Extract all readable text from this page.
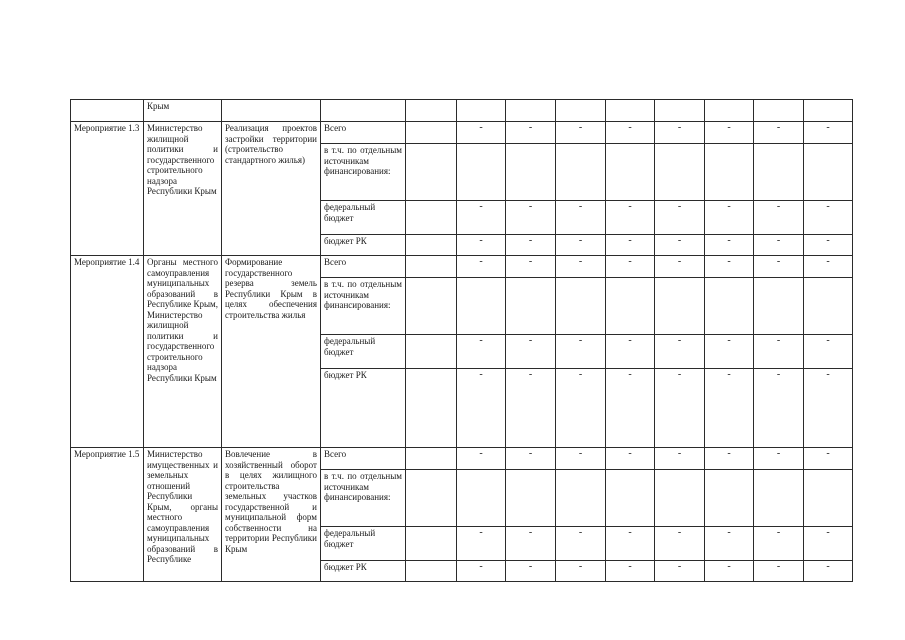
	Крым											
Мероприятие 1.3	Министерство жилищной политики и государственного строительного надзора Республики Крым	Реализация проектов застройки территории (строительство стандартного жилья)	Всего		-	-	-	-	-	-	-	-
			в т.ч. по отдельным источникам финансирования:									
			федеральный бюджет		-	-	-	-	-	-	-	-
			бюджет РК		-	-	-	-	-	-	-	-
Мероприятие 1.4	Органы местного самоуправления муниципальных образований в Республике Крым, Министерство жилищной политики и государственного строительного надзора Республики Крым	Формирование государственного резерва земель Республики Крым в целях обеспечения строительства жилья	Всего		-	-	-	-	-	-	-	-
			в т.ч. по отдельным источникам финансирования:									
			федеральный бюджет		-	-	-	-	-	-	-	-
			бюджет РК		-	-	-	-	-	-	-	-
Мероприятие 1.5	Министерство имущественных и земельных отношений Республики Крым, органы местного самоуправления муниципальных образований в Республике	Вовлечение в хозяйственный оборот в целях жилищного строительства земельных участков государственной и муниципальной форм собственности на территории Республики Крым	Всего		-	-	-	-	-	-	-	-
			в т.ч. по отдельным источникам финансирования:									
			федеральный бюджет		-	-	-	-	-	-	-	-
			бюджет РК		-	-	-	-	-	-	-	-
